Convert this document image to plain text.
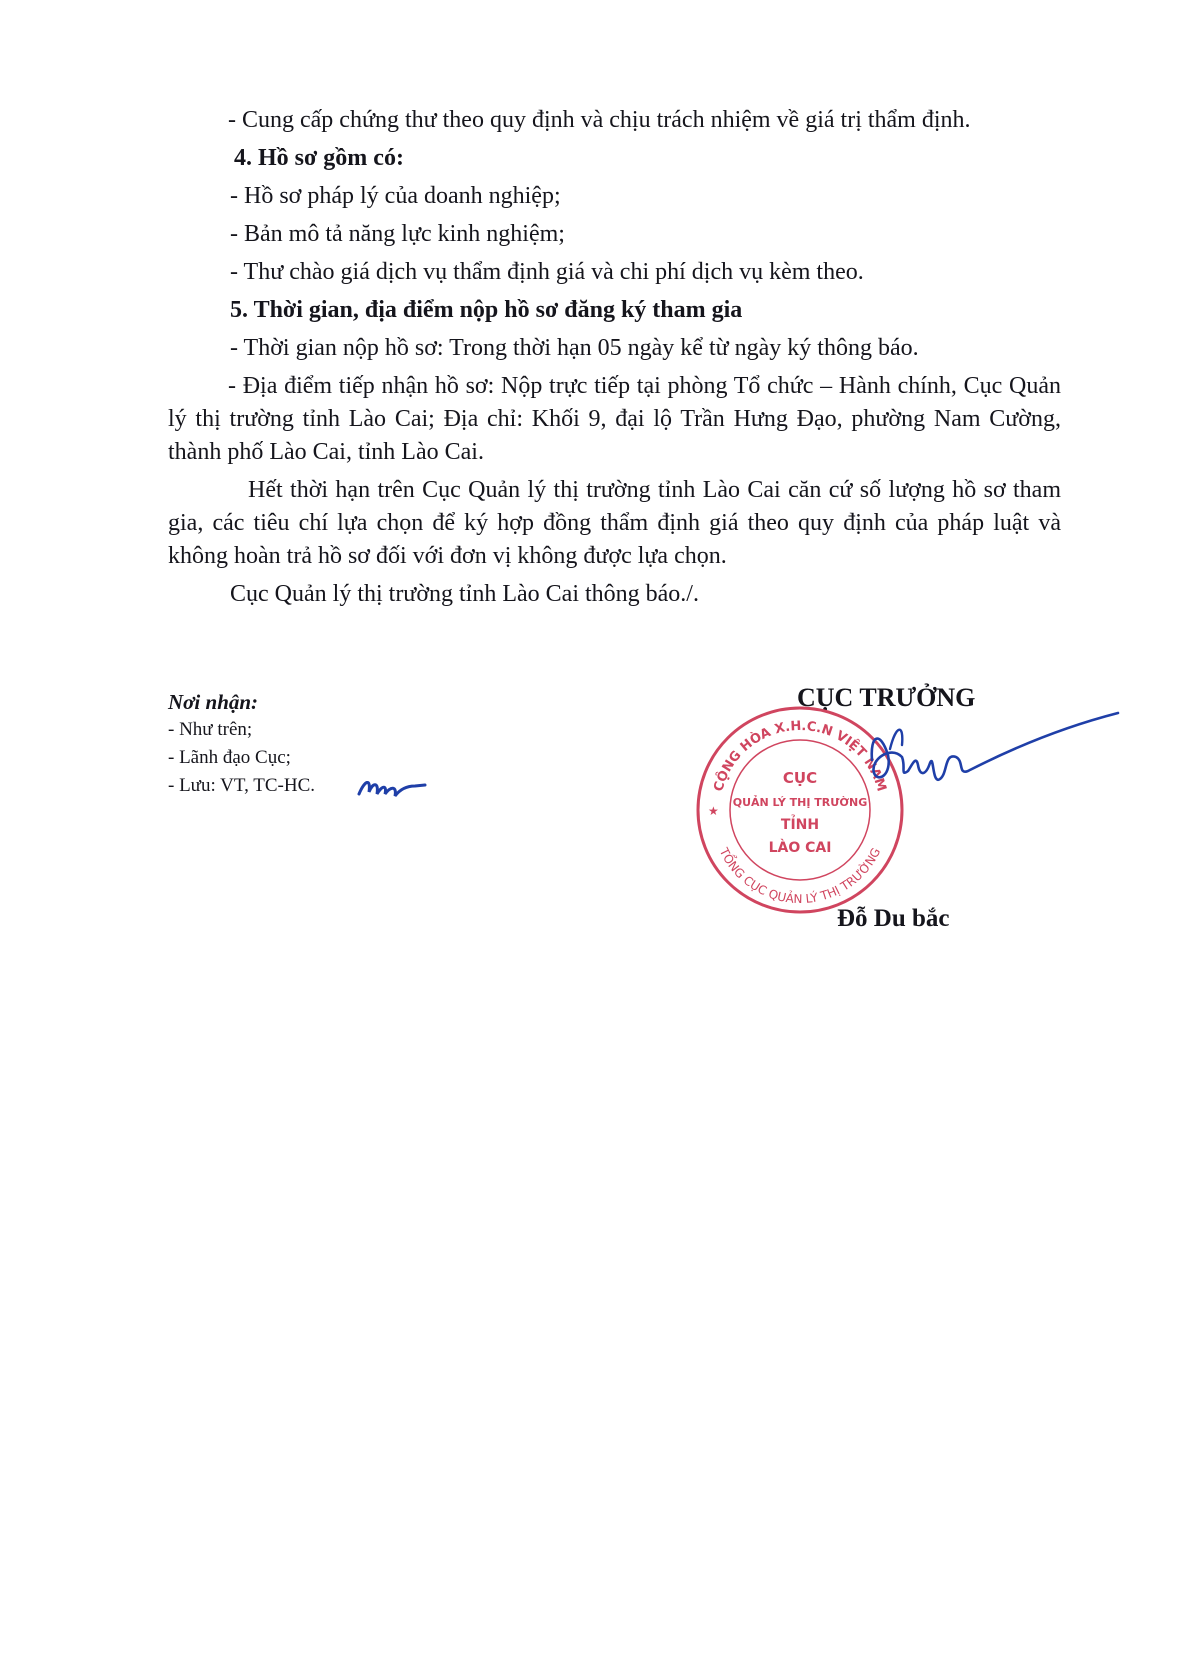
- Cung cấp chứng thư theo quy định và chịu trách nhiệm về giá trị thẩm định.

4. Hồ sơ gồm có:

- Hồ sơ pháp lý của doanh nghiệp;

- Bản mô tả năng lực kinh nghiệm;

- Thư chào giá dịch vụ thẩm định giá và chi phí dịch vụ kèm theo.

5. Thời gian, địa điểm nộp hồ sơ đăng ký tham gia

- Thời gian nộp hồ sơ: Trong thời hạn 05 ngày kể từ ngày ký thông báo.

- Địa điểm tiếp nhận hồ sơ: Nộp trực tiếp tại phòng Tổ chức – Hành chính, Cục Quản lý thị trường tỉnh Lào Cai; Địa chỉ: Khối 9, đại lộ Trần Hưng Đạo, phường Nam Cường, thành phố Lào Cai, tỉnh Lào Cai.

Hết thời hạn trên Cục Quản lý thị trường tỉnh Lào Cai căn cứ số lượng hồ sơ tham gia, các tiêu chí lựa chọn để ký hợp đồng thẩm định giá theo quy định của pháp luật và không hoàn trả hồ sơ đối với đơn vị không được lựa chọn.

Cục Quản lý thị trường tỉnh Lào Cai thông báo./.

Nơi nhận:
- Như trên;
- Lãnh đạo Cục;
- Lưu: VT, TC-HC.
CỤC TRƯỞNG
CỘNG HÒA X.H.C.N VIỆT NAM
TỔNG CỤC QUẢN LÝ THỊ TRƯỜNG
CỤC
QUẢN LÝ THỊ TRƯỜNG
TỈNH
LÀO CAI
★
Đỗ Du bắc
